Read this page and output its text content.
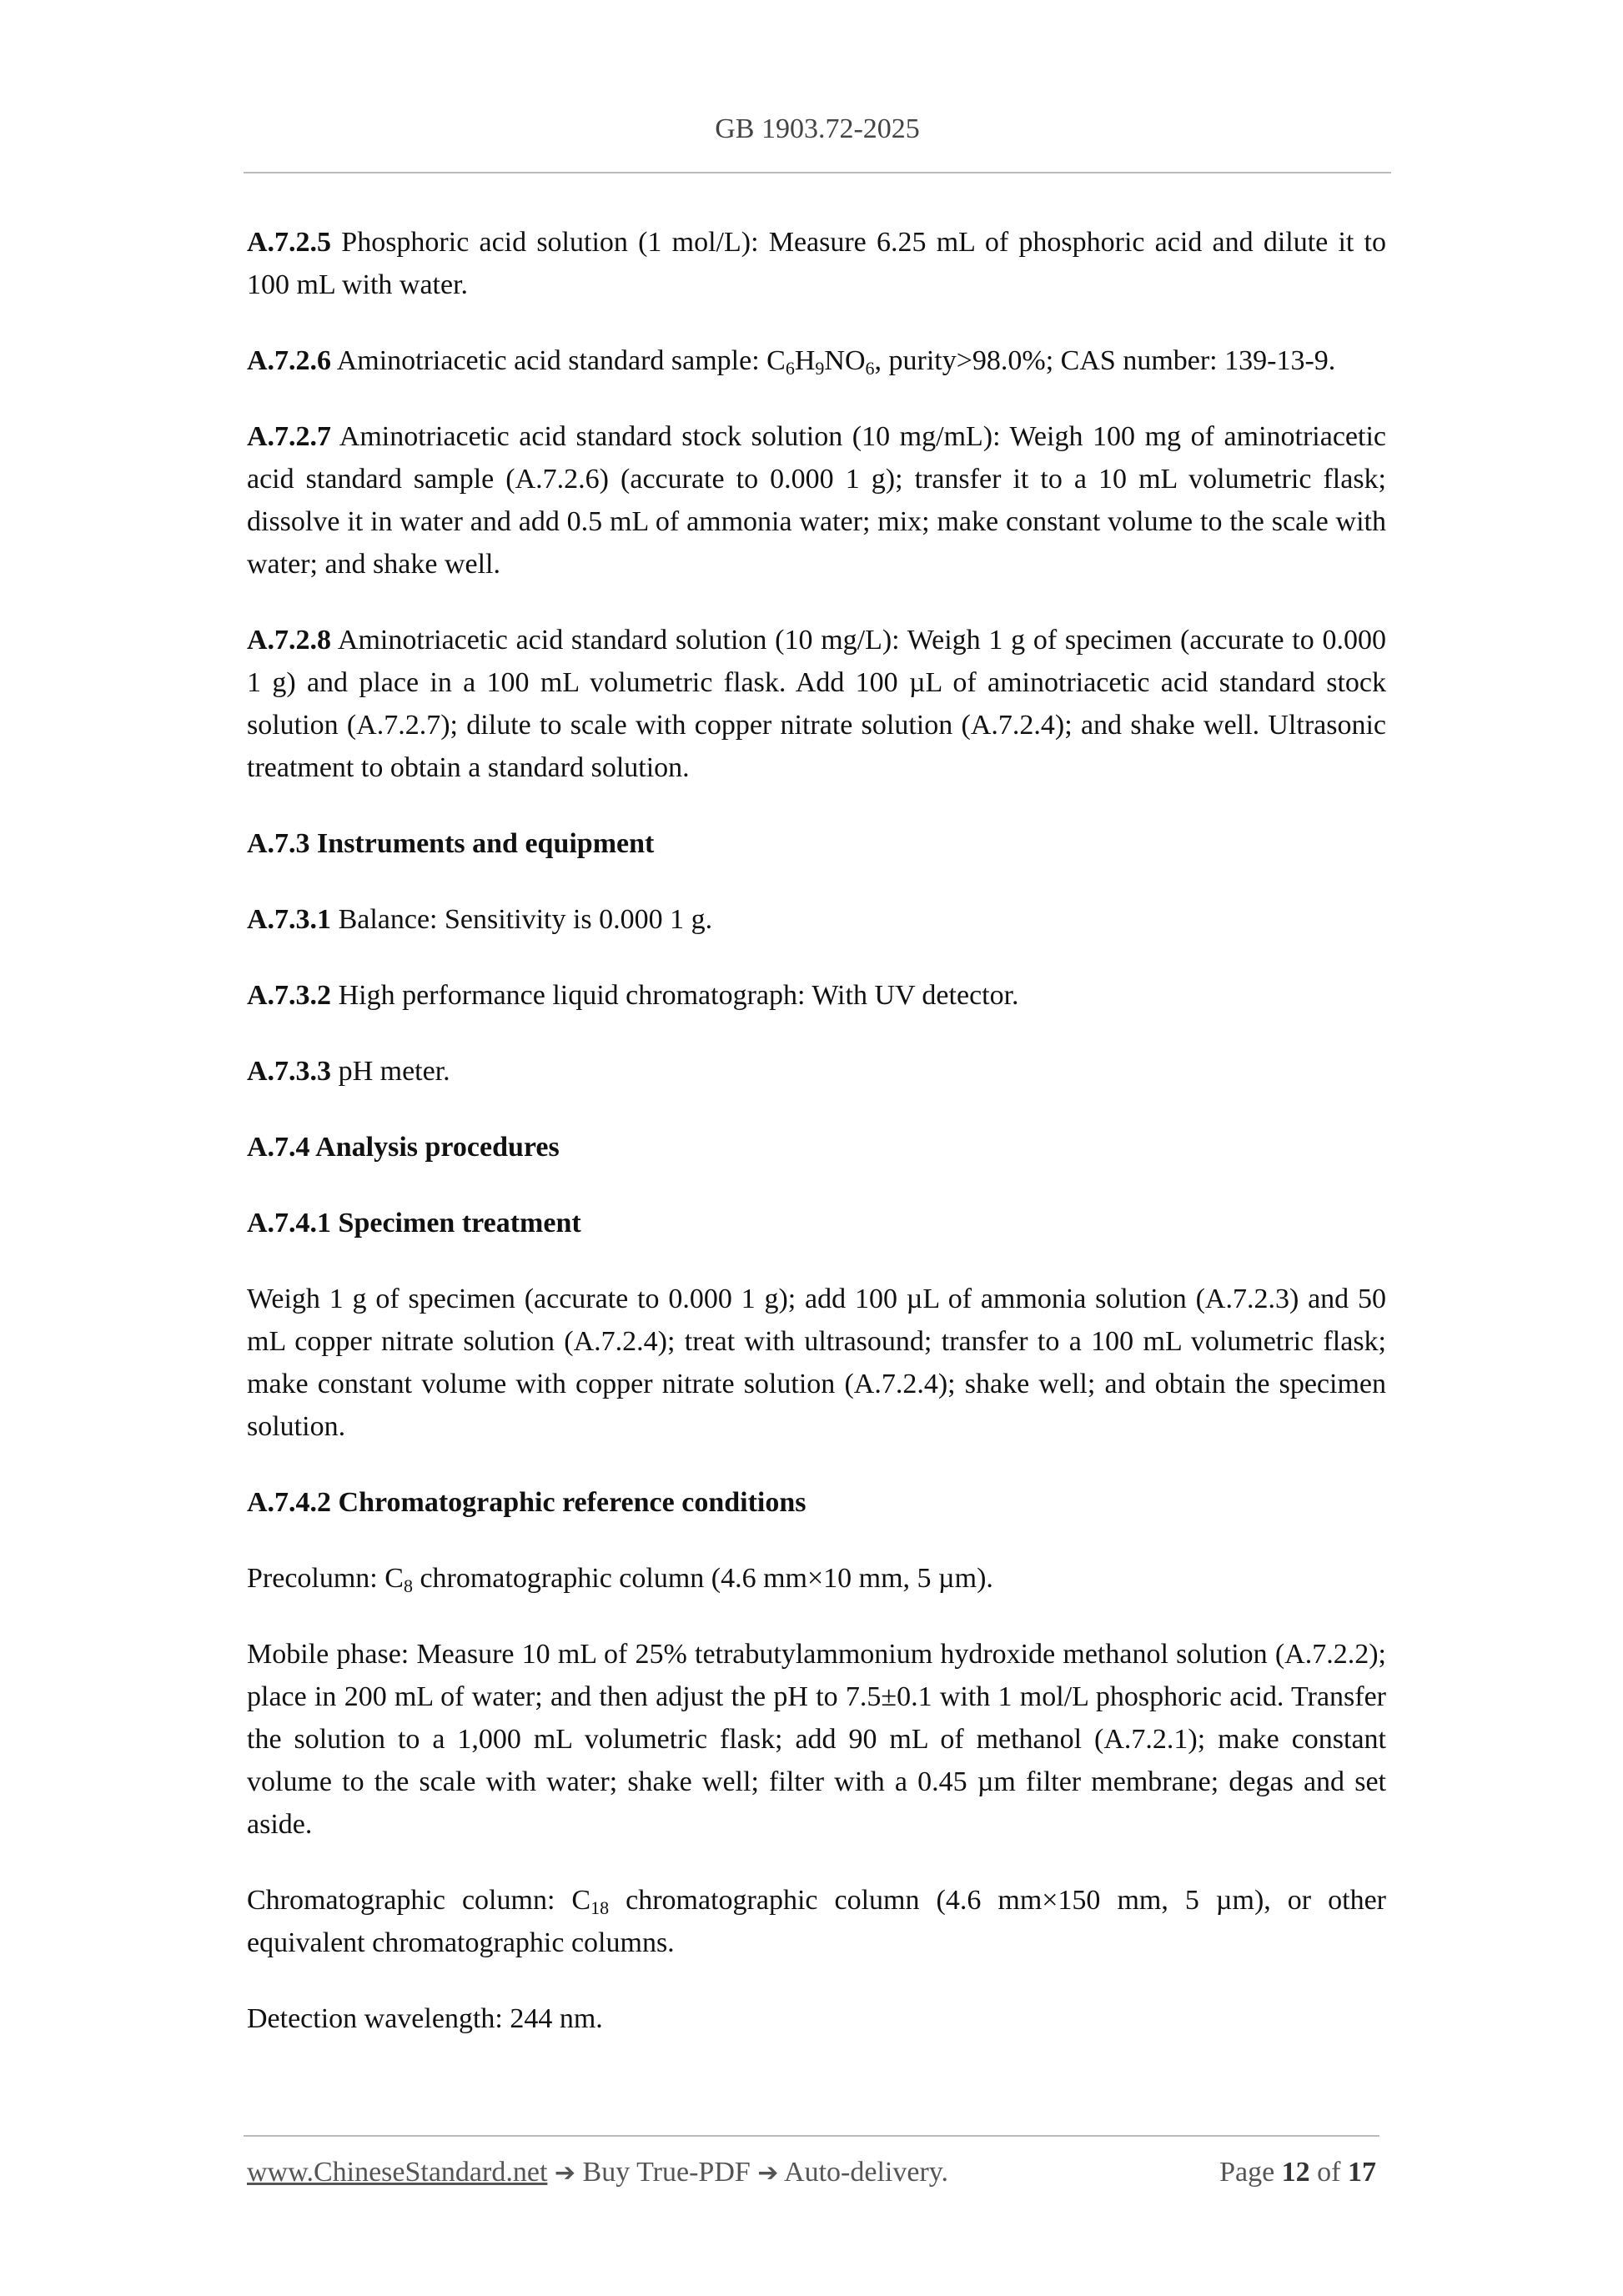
GB 1903.72-2025

A.7.2.5 Phosphoric acid solution (1 mol/L): Measure 6.25 mL of phosphoric acid and dilute it to 100 mL with water.

A.7.2.6 Aminotriacetic acid standard sample: $C_6H_9NO_6$, purity>98.0%; CAS number: 139-13-9.

A.7.2.7 Aminotriacetic acid standard stock solution (10 mg/mL): Weigh 100 mg of aminotriacetic acid standard sample (A.7.2.6) (accurate to 0.000 1 g); transfer it to a 10 mL volumetric flask; dissolve it in water and add 0.5 mL of ammonia water; mix; make constant volume to the scale with water; and shake well.

A.7.2.8 Aminotriacetic acid standard solution (10 mg/L): Weigh 1 g of specimen (accurate to 0.000 1 g) and place in a 100 mL volumetric flask. Add 100 µL of aminotriacetic acid standard stock solution (A.7.2.7); dilute to scale with copper nitrate solution (A.7.2.4); and shake well. Ultrasonic treatment to obtain a standard solution.

A.7.3 Instruments and equipment

A.7.3.1 Balance: Sensitivity is 0.000 1 g.

A.7.3.2 High performance liquid chromatograph: With UV detector.

A.7.3.3 pH meter.

A.7.4 Analysis procedures

A.7.4.1 Specimen treatment

Weigh 1 g of specimen (accurate to 0.000 1 g); add 100 µL of ammonia solution (A.7.2.3) and 50 mL copper nitrate solution (A.7.2.4); treat with ultrasound; transfer to a 100 mL volumetric flask; make constant volume with copper nitrate solution (A.7.2.4); shake well; and obtain the specimen solution.

A.7.4.2 Chromatographic reference conditions

Precolumn: $C_8$ chromatographic column (4.6 mm×10 mm, 5 µm).

Mobile phase: Measure 10 mL of 25% tetrabutylammonium hydroxide methanol solution (A.7.2.2); place in 200 mL of water; and then adjust the pH to 7.5±0.1 with 1 mol/L phosphoric acid. Transfer the solution to a 1,000 mL volumetric flask; add 90 mL of methanol (A.7.2.1); make constant volume to the scale with water; shake well; filter with a 0.45 µm filter membrane; degas and set aside.

Chromatographic column: $C_{18}$ chromatographic column (4.6 mm×150 mm, 5 µm), or other equivalent chromatographic columns.

Detection wavelength: 244 nm.

www.ChineseStandard.net ➔ Buy True-PDF ➔ Auto-delivery.	Page 12 of 17
